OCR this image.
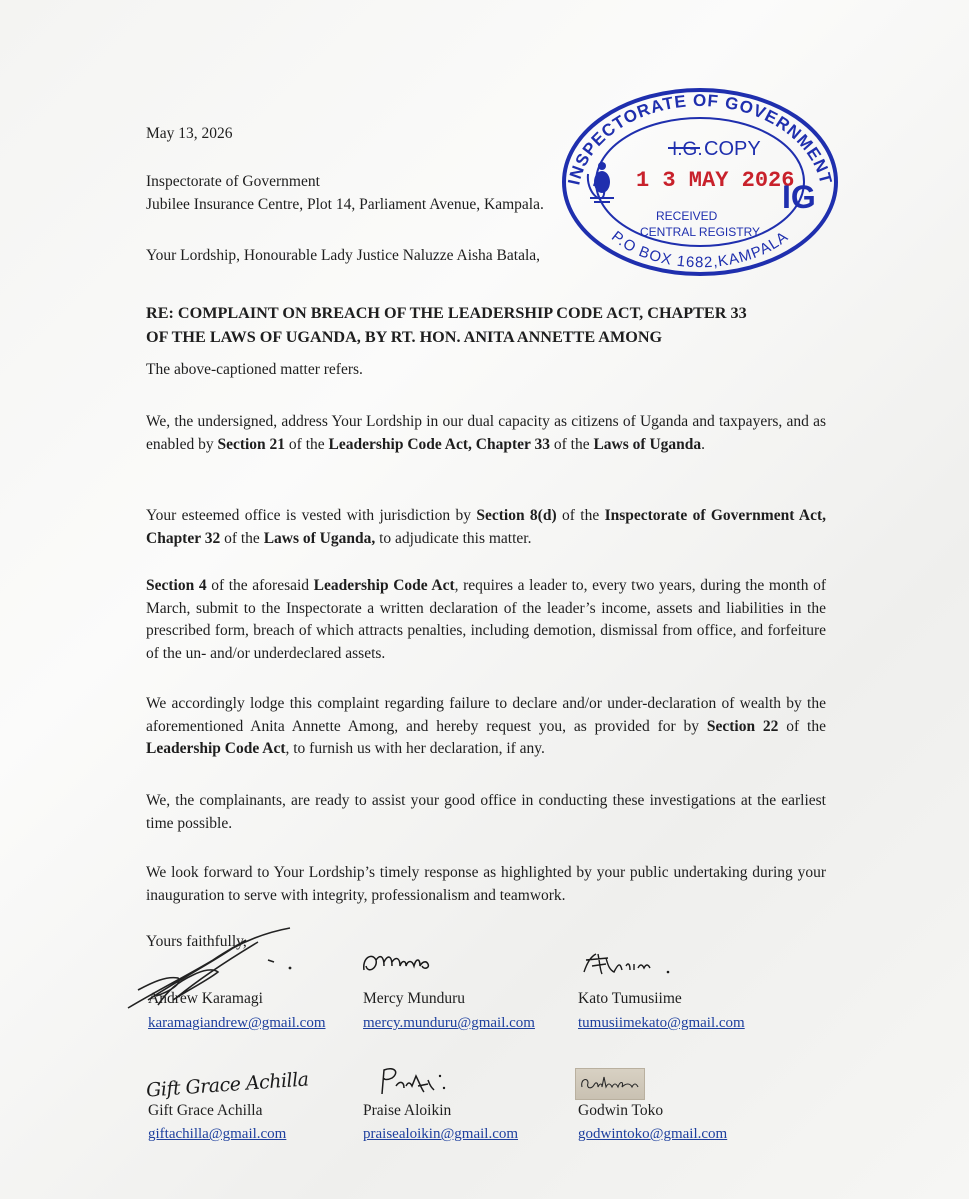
May 13, 2026
Inspectorate of Government
Jubilee Insurance Centre, Plot 14, Parliament Avenue, Kampala.
Your Lordship, Honourable Lady Justice Naluzze Aisha Batala,
RE: COMPLAINT ON BREACH OF THE LEADERSHIP CODE ACT, CHAPTER 33
OF THE LAWS OF UGANDA, BY RT. HON. ANITA ANNETTE AMONG
The above-captioned matter refers.
We, the undersigned, address Your Lordship in our dual capacity as citizens of Uganda and taxpayers, and as enabled by Section 21 of the Leadership Code Act, Chapter 33 of the Laws of Uganda.
Your esteemed office is vested with jurisdiction by Section 8(d) of the Inspectorate of Government Act, Chapter 32 of the Laws of Uganda, to adjudicate this matter.
Section 4 of the aforesaid Leadership Code Act, requires a leader to, every two years, during the month of March, submit to the Inspectorate a written declaration of the leader’s income, assets and liabilities in the prescribed form, breach of which attracts penalties, including demotion, dismissal from office, and forfeiture of the un- and/or underdeclared assets.
We accordingly lodge this complaint regarding failure to declare and/or under-declaration of wealth by the aforementioned Anita Annette Among, and hereby request you, as provided for by Section 22 of the Leadership Code Act, to furnish us with her declaration, if any.
We, the complainants, are ready to assist your good office in conducting these investigations at the earliest time possible.
We look forward to Your Lordship’s timely response as highlighted by your public undertaking during your inauguration to serve with integrity, professionalism and teamwork.
Yours faithfully,
Andrew Karamagi	Mercy Munduru	Kato Tumusiime
karamagiandrew@gmail.com	mercy.munduru@gmail.com	tumusiimekato@gmail.com
Gift Grace Achilla
Gift Grace Achilla	Praise Aloikin	Godwin Toko
giftachilla@gmail.com	praisealoikin@gmail.com	godwintoko@gmail.com
INSPECTORATE OF GOVERNMENT
P.O BOX 1682,KAMPALA
I.G. COPY
1 3 MAY 2026
RECEIVED
CENTRAL REGISTRY
IG
